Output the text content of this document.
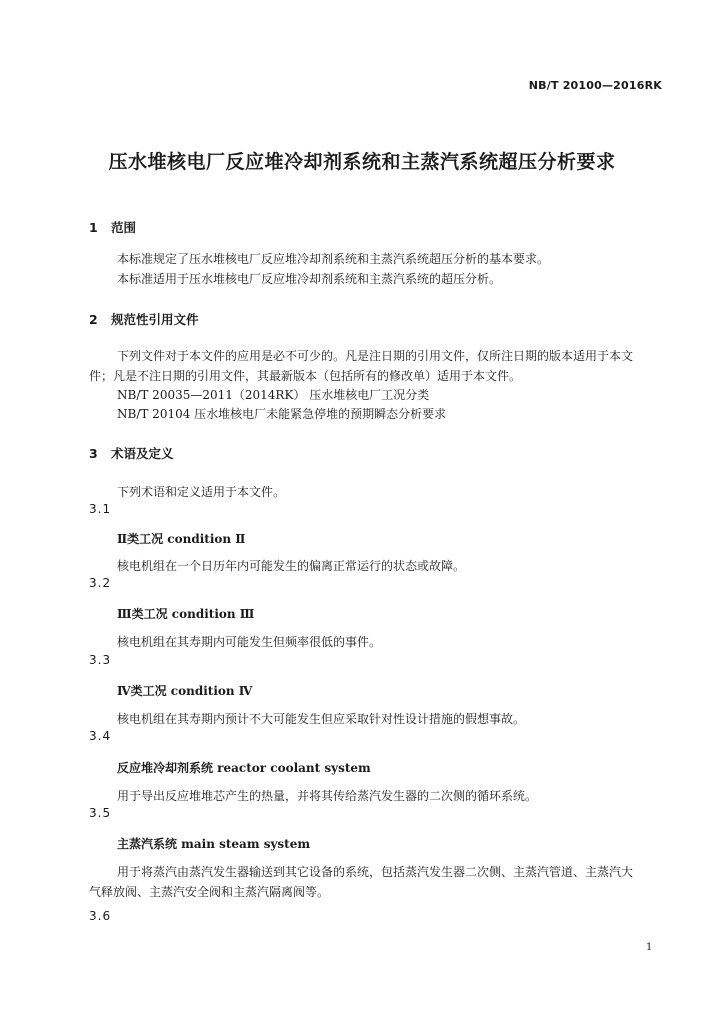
NB/T 20100—2016RK
压水堆核电厂反应堆冷却剂系统和主蒸汽系统超压分析要求
1 范围
本标准规定了压水堆核电厂反应堆冷却剂系统和主蒸汽系统超压分析的基本要求。
本标准适用于压水堆核电厂反应堆冷却剂系统和主蒸汽系统的超压分析。
2 规范性引用文件
下列文件对于本文件的应用是必不可少的。凡是注日期的引用文件，仅所注日期的版本适用于本文
件；凡是不注日期的引用文件，其最新版本（包括所有的修改单）适用于本文件。
NB/T 20035—2011（2014RK） 压水堆核电厂工况分类
NB/T 20104 压水堆核电厂未能紧急停堆的预期瞬态分析要求
3 术语及定义
下列术语和定义适用于本文件。
3.1
Ⅱ类工况 condition Ⅱ
核电机组在一个日历年内可能发生的偏离正常运行的状态或故障。
3.2
Ⅲ类工况 condition Ⅲ
核电机组在其寿期内可能发生但频率很低的事件。
3.3
Ⅳ类工况 condition Ⅳ
核电机组在其寿期内预计不大可能发生但应采取针对性设计措施的假想事故。
3.4
反应堆冷却剂系统 reactor coolant system
用于导出反应堆堆芯产生的热量，并将其传给蒸汽发生器的二次侧的循环系统。
3.5
主蒸汽系统 main steam system
用于将蒸汽由蒸汽发生器输送到其它设备的系统，包括蒸汽发生器二次侧、主蒸汽管道、主蒸汽大
气释放阀、主蒸汽安全阀和主蒸汽隔离阀等。
3.6
1
